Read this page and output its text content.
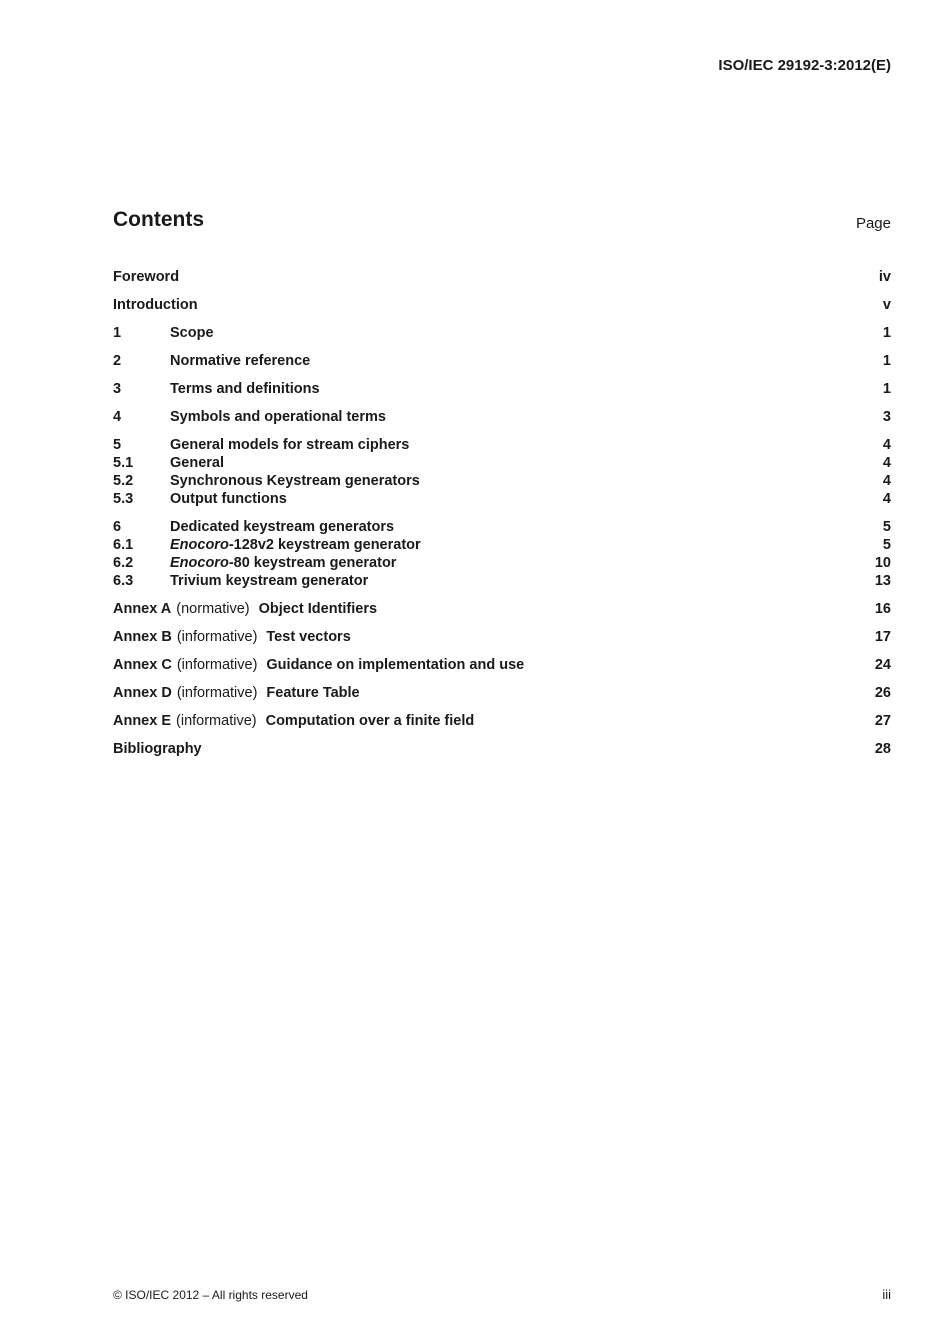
ISO/IEC 29192-3:2012(E)
Contents	Page
Foreword	iv
Introduction	v
1	Scope	1
2	Normative reference	1
3	Terms and definitions	1
4	Symbols and operational terms	3
5	General models for stream ciphers	4
5.1	General	4
5.2	Synchronous Keystream generators	4
5.3	Output functions	4
6	Dedicated keystream generators	5
6.1	Enocoro-128v2 keystream generator	5
6.2	Enocoro-80 keystream generator	10
6.3	Trivium keystream generator	13
Annex A (normative) Object Identifiers	16
Annex B (informative) Test vectors	17
Annex C (informative) Guidance on implementation and use	24
Annex D (informative) Feature Table	26
Annex E (informative) Computation over a finite field	27
Bibliography	28
© ISO/IEC 2012 – All rights reserved	iii
